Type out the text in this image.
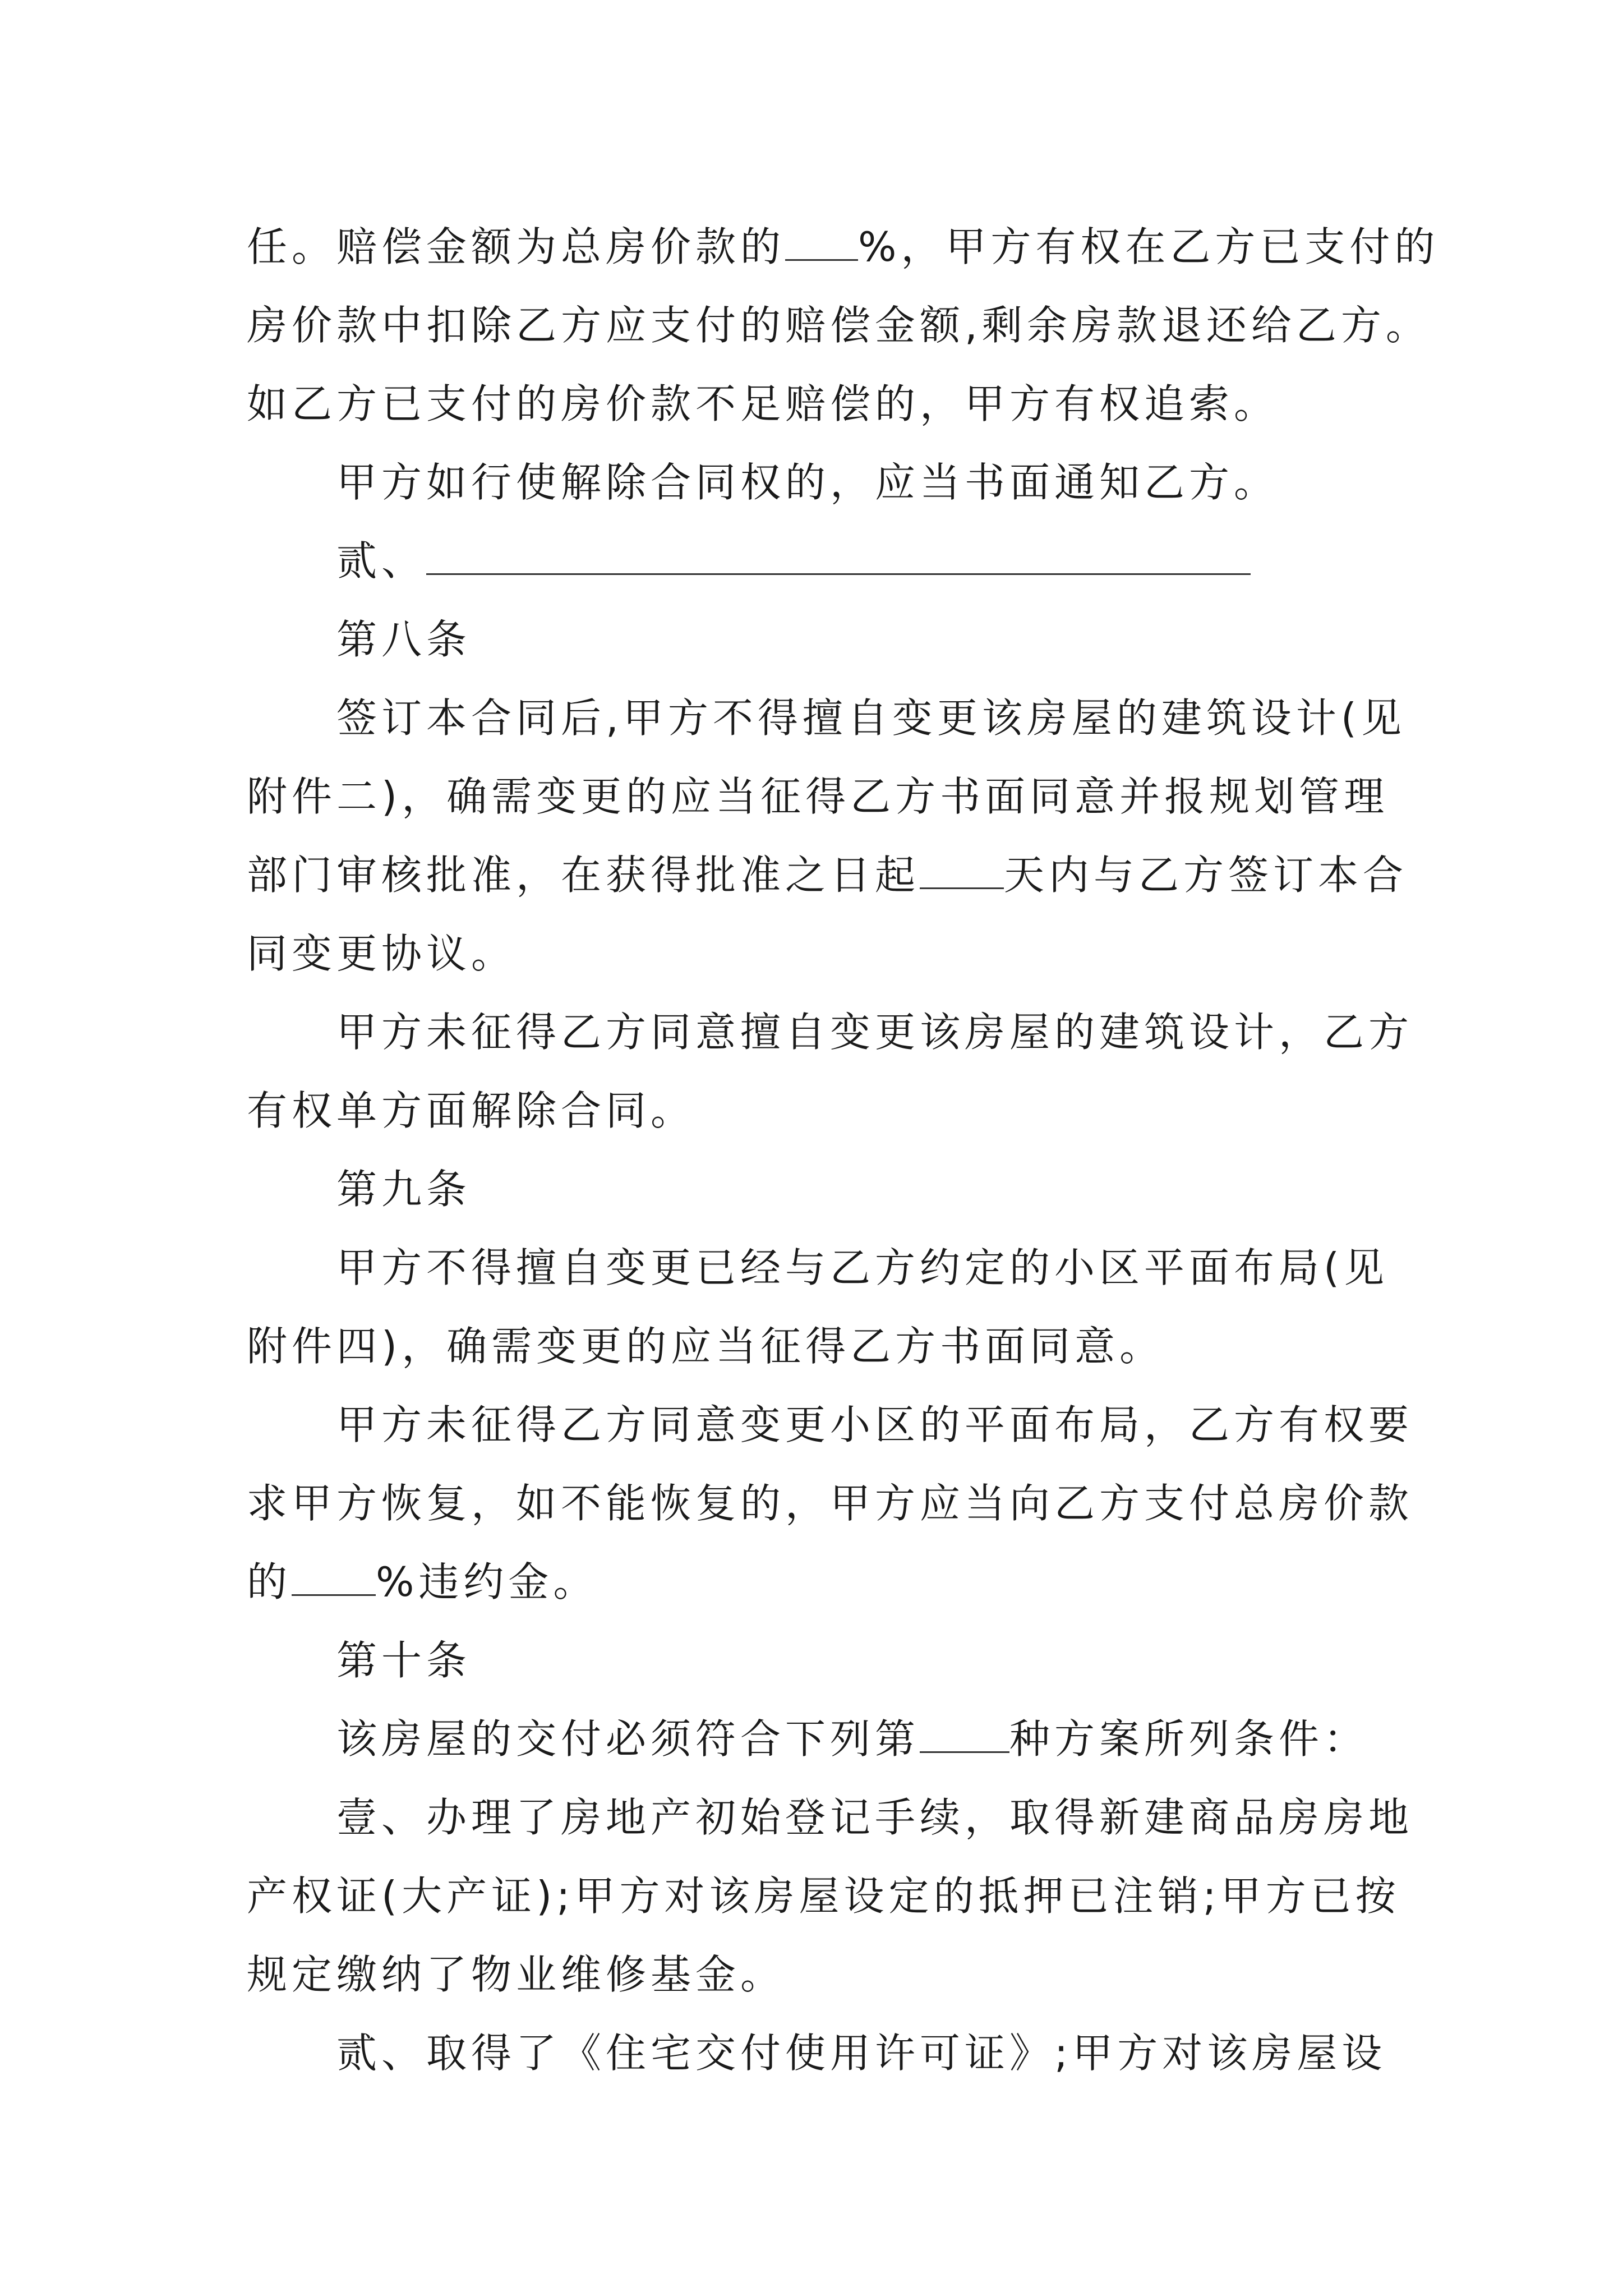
任。赔偿金额为总房价款的 %，甲方有权在乙方已支付的
房价款中扣除乙方应支付的赔偿金额,剩余房款退还给乙方。
如乙方已支付的房价款不足赔偿的，甲方有权追索。
甲方如行使解除合同权的，应当书面通知乙方。
贰、
第八条
签订本合同后,甲方不得擅自变更该房屋的建筑设计(见
附件二)，确需变更的应当征得乙方书面同意并报规划管理
部门审核批准，在获得批准之日起 天内与乙方签订本合
同变更协议。
甲方未征得乙方同意擅自变更该房屋的建筑设计，乙方
有权单方面解除合同。
第九条
甲方不得擅自变更已经与乙方约定的小区平面布局(见
附件四)，确需变更的应当征得乙方书面同意。
甲方未征得乙方同意变更小区的平面布局，乙方有权要
求甲方恢复，如不能恢复的，甲方应当向乙方支付总房价款
的 %违约金。
第十条
该房屋的交付必须符合下列第 种方案所列条件：
壹、办理了房地产初始登记手续，取得新建商品房房地
产权证(大产证);甲方对该房屋设定的抵押已注销;甲方已按
规定缴纳了物业维修基金。
贰、取得了《住宅交付使用许可证》;甲方对该房屋设
